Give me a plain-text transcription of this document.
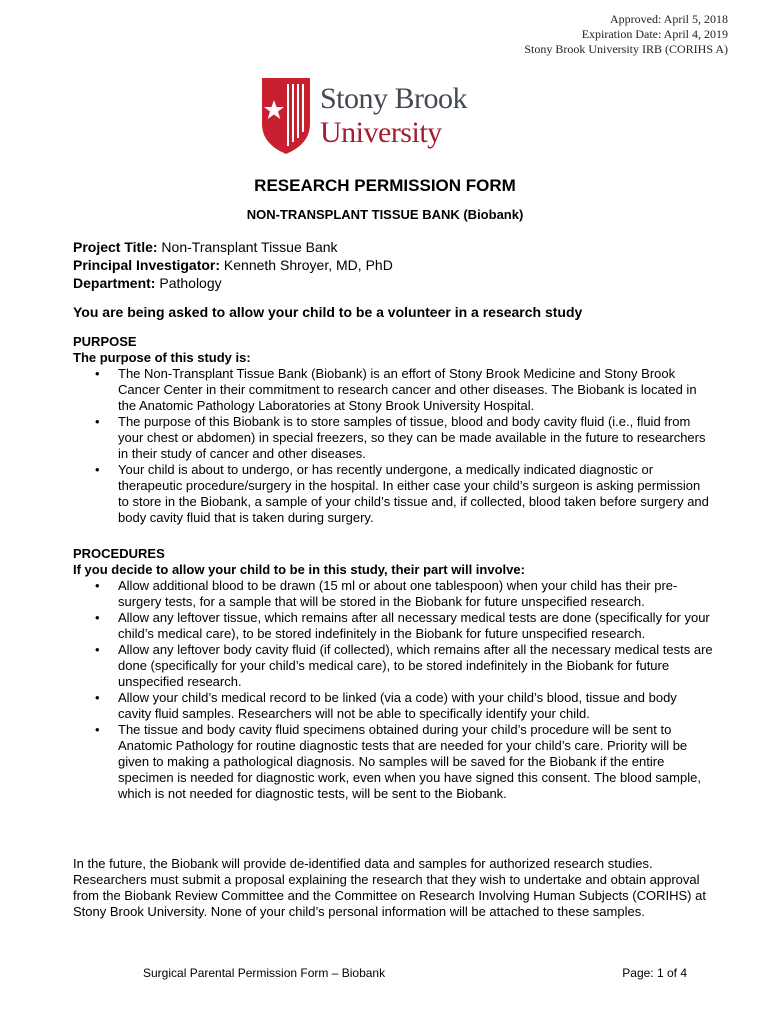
Approved: April 5, 2018
Expiration Date: April 4, 2019
Stony Brook University IRB (CORIHS A)
Stony Brook
University
RESEARCH PERMISSION FORM
NON-TRANSPLANT TISSUE BANK (Biobank)
Project Title: Non-Transplant Tissue Bank
Principal Investigator: Kenneth Shroyer, MD, PhD
Department: Pathology
You are being asked to allow your child to be a volunteer in a research study
PURPOSE
The purpose of this study is:
• The Non-Transplant Tissue Bank (Biobank) is an effort of Stony Brook Medicine and Stony Brook Cancer Center in their commitment to research cancer and other diseases. The Biobank is located in the Anatomic Pathology Laboratories at Stony Brook University Hospital.
• The purpose of this Biobank is to store samples of tissue, blood and body cavity fluid (i.e., fluid from your chest or abdomen) in special freezers, so they can be made available in the future to researchers in their study of cancer and other diseases.
• Your child is about to undergo, or has recently undergone, a medically indicated diagnostic or therapeutic procedure/surgery in the hospital. In either case your child’s surgeon is asking permission to store in the Biobank, a sample of your child’s tissue and, if collected, blood taken before surgery and body cavity fluid that is taken during surgery.
PROCEDURES
If you decide to allow your child to be in this study, their part will involve:
• Allow additional blood to be drawn (15 ml or about one tablespoon) when your child has their pre-surgery tests, for a sample that will be stored in the Biobank for future unspecified research.
• Allow any leftover tissue, which remains after all necessary medical tests are done (specifically for your child’s medical care), to be stored indefinitely in the Biobank for future unspecified research.
• Allow any leftover body cavity fluid (if collected), which remains after all the necessary medical tests are done (specifically for your child’s medical care), to be stored indefinitely in the Biobank for future unspecified research.
• Allow your child’s medical record to be linked (via a code) with your child’s blood, tissue and body cavity fluid samples. Researchers will not be able to specifically identify your child.
• The tissue and body cavity fluid specimens obtained during your child’s procedure will be sent to Anatomic Pathology for routine diagnostic tests that are needed for your child’s care. Priority will be given to making a pathological diagnosis. No samples will be saved for the Biobank if the entire specimen is needed for diagnostic work, even when you have signed this consent. The blood sample, which is not needed for diagnostic tests, will be sent to the Biobank.
In the future, the Biobank will provide de-identified data and samples for authorized research studies. Researchers must submit a proposal explaining the research that they wish to undertake and obtain approval from the Biobank Review Committee and the Committee on Research Involving Human Subjects (CORIHS) at Stony Brook University. None of your child’s personal information will be attached to these samples.
Surgical Parental Permission Form – Biobank	Page: 1 of 4
